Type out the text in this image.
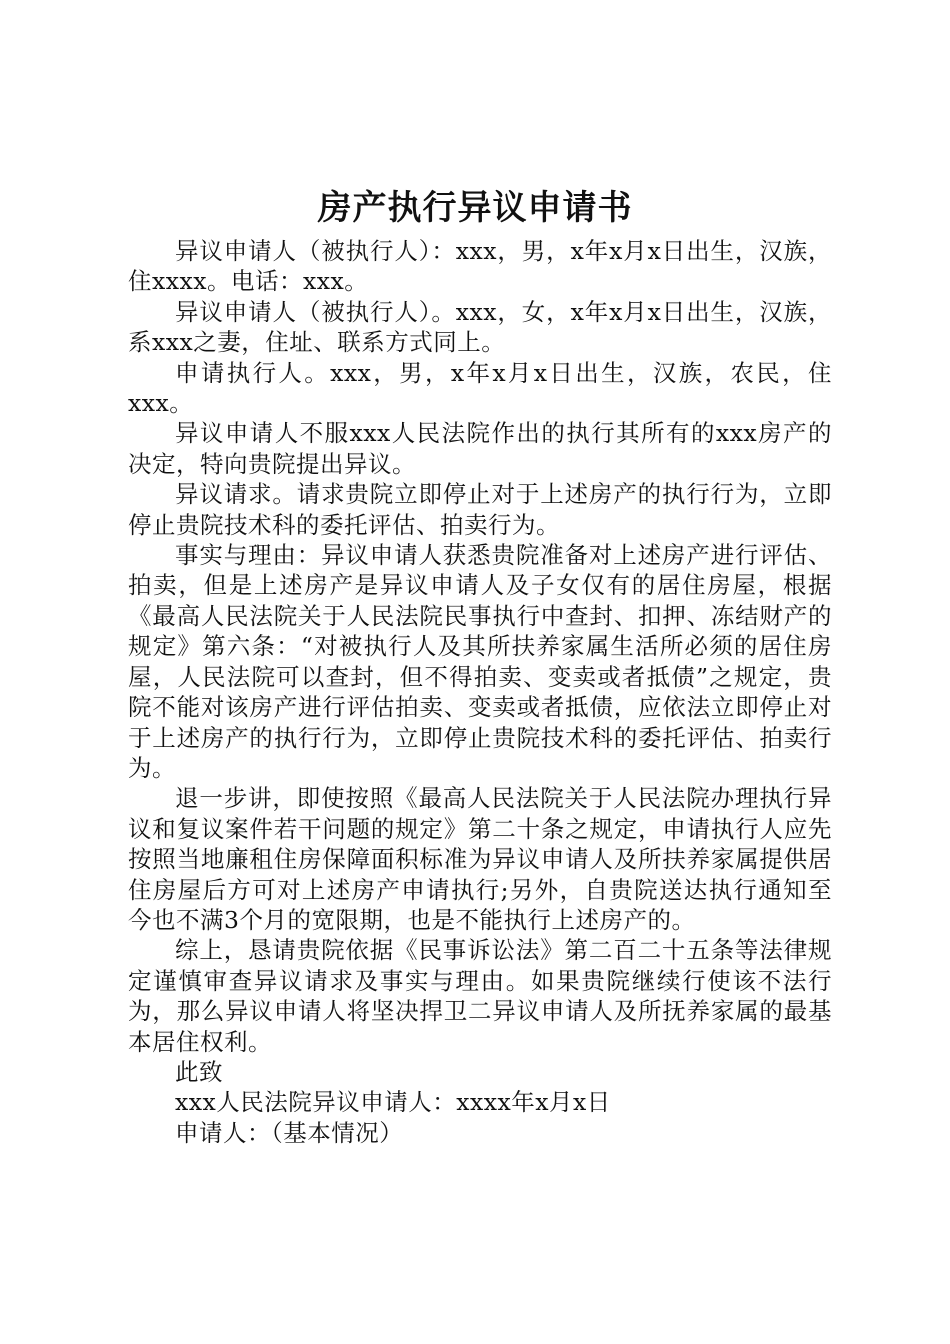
房产执行异议申请书

异议申请人（被执行人）：xxx，男，x年x月x日出生，汉族，住xxxx。电话：xxx。

异议申请人（被执行人）。xxx，女，x年x月x日出生，汉族，系xxx之妻，住址、联系方式同上。

申请执行人。xxx，男，x年x月x日出生，汉族，农民，住xxx。

异议申请人不服xxx人民法院作出的执行其所有的xxx房产的决定，特向贵院提出异议。

异议请求。请求贵院立即停止对于上述房产的执行行为，立即停止贵院技术科的委托评估、拍卖行为。

事实与理由：异议申请人获悉贵院准备对上述房产进行评估、拍卖，但是上述房产是异议申请人及子女仅有的居住房屋，根据《最高人民法院关于人民法院民事执行中查封、扣押、冻结财产的规定》第六条：“对被执行人及其所扶养家属生活所必须的居住房屋，人民法院可以查封，但不得拍卖、变卖或者抵债”之规定，贵院不能对该房产进行评估拍卖、变卖或者抵债，应依法立即停止对于上述房产的执行行为，立即停止贵院技术科的委托评估、拍卖行为。

退一步讲，即使按照《最高人民法院关于人民法院办理执行异议和复议案件若干问题的规定》第二十条之规定，申请执行人应先按照当地廉租住房保障面积标准为异议申请人及所扶养家属提供居住房屋后方可对上述房产申请执行;另外，自贵院送达执行通知至今也不满3个月的宽限期，也是不能执行上述房产的。

综上，恳请贵院依据《民事诉讼法》第二百二十五条等法律规定谨慎审查异议请求及事实与理由。如果贵院继续行使该不法行为，那么异议申请人将坚决捍卫二异议申请人及所抚养家属的最基本居住权利。

此致

xxx人民法院异议申请人：xxxx年x月x日

申请人：（基本情况）
